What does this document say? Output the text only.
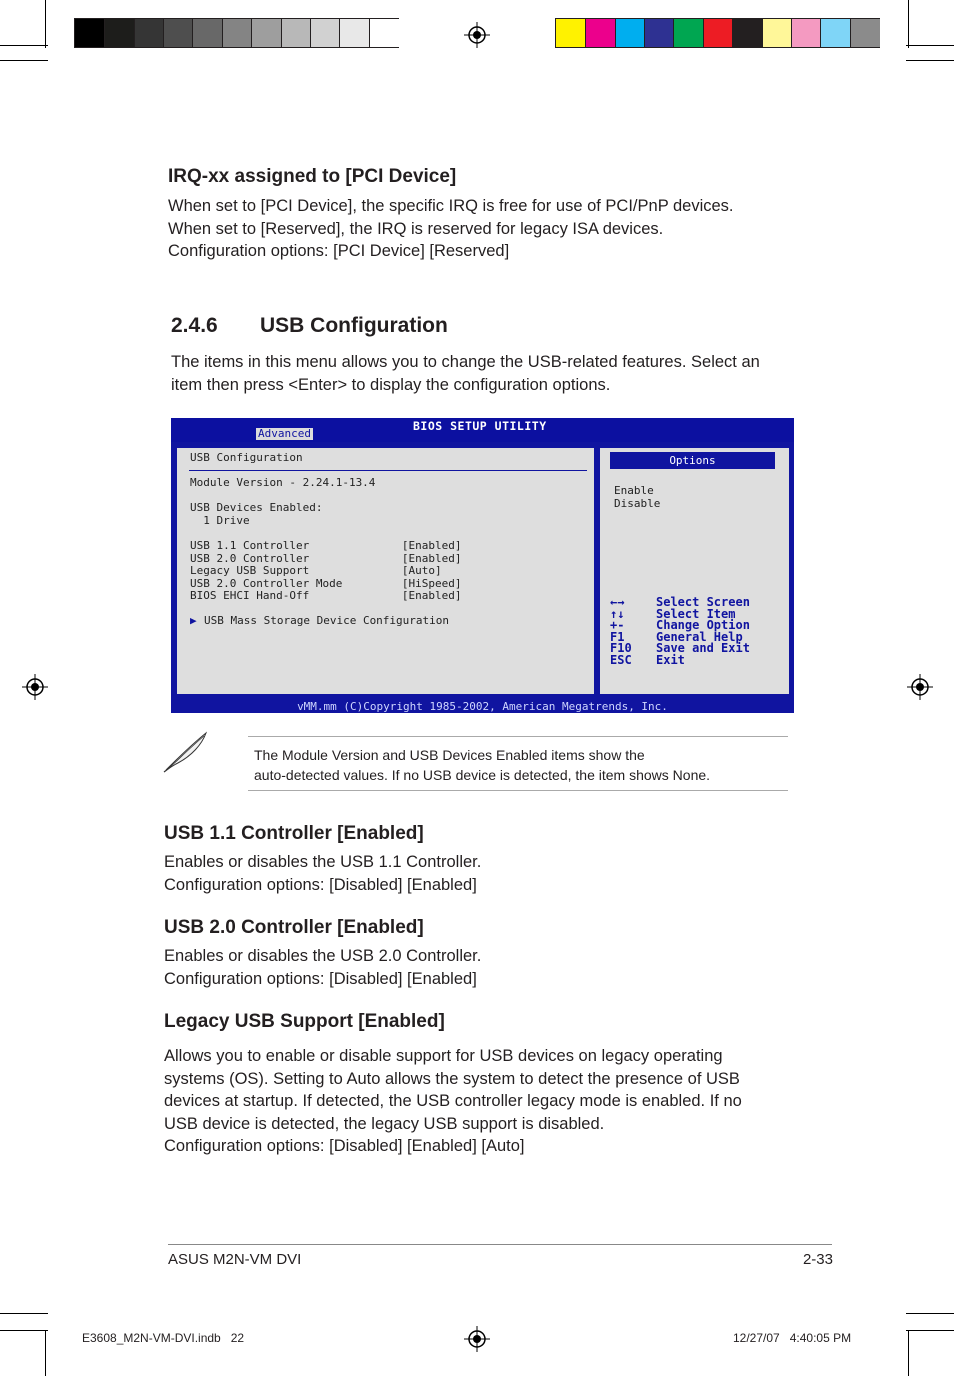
IRQ-xx assigned to [PCI Device]
When set to [PCI Device], the specific IRQ is free for use of PCI/PnP devices.
When set to [Reserved], the IRQ is reserved for legacy ISA devices.
Configuration options: [PCI Device] [Reserved]
2.4.6 USB Configuration
The items in this menu allows you to change the USB-related features. Select an
item then press <Enter> to display the configuration options.
BIOS SETUP UTILITY
Advanced
USB Configuration
Module Version - 2.24.1-13.4
USB Devices Enabled:
1 Drive
USB 1.1 Controller              [Enabled]
USB 2.0 Controller              [Enabled]
Legacy USB Support              [Auto]
USB 2.0 Controller Mode         [HiSpeed]
BIOS EHCI Hand-Off              [Enabled]
▶ USB Mass Storage Device Configuration
Options
Enable
Disable
←→	Select Screen
↑↓	Select Item
+-	Change Option
F1	General Help
F10 Save and Exit
ESC Exit
vMM.mm (C)Copyright 1985-2002, American Megatrends, Inc.
The Module Version and USB Devices Enabled items show the
auto-detected values. If no USB device is detected, the item shows None.
USB 1.1 Controller [Enabled]
Enables or disables the USB 1.1 Controller.
Configuration options: [Disabled] [Enabled]
USB 2.0 Controller [Enabled]
Enables or disables the USB 2.0 Controller.
Configuration options: [Disabled] [Enabled]
Legacy USB Support [Enabled]
Allows you to enable or disable support for USB devices on legacy operating
systems (OS). Setting to Auto allows the system to detect the presence of USB
devices at startup. If detected, the USB controller legacy mode is enabled. If no
USB device is detected, the legacy USB support is disabled.
Configuration options: [Disabled] [Enabled] [Auto]
ASUS M2N-VM DVI	2-33
E3608_M2N-VM-DVI.indb   22	12/27/07   4:40:05 PM
